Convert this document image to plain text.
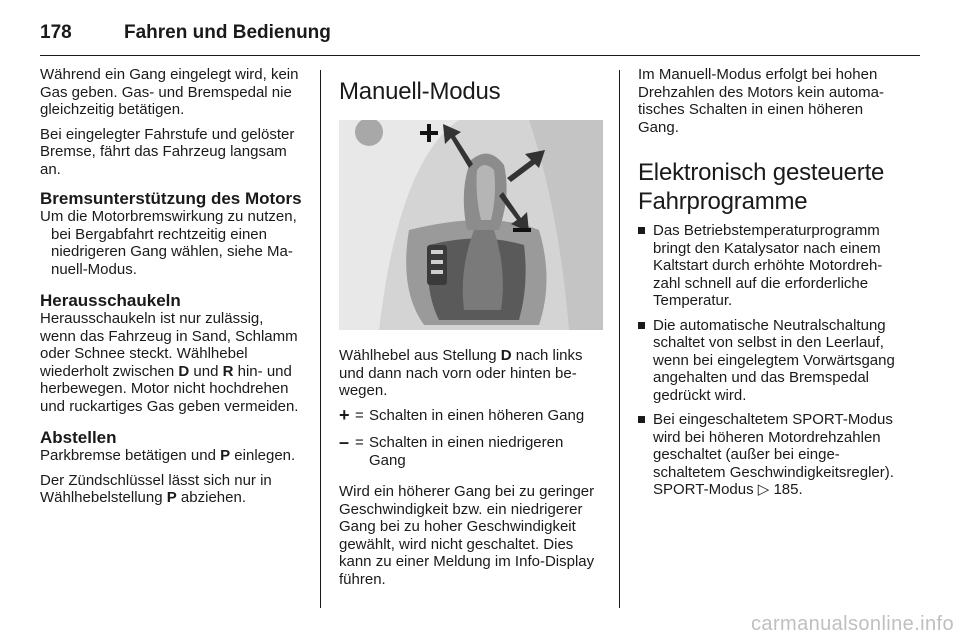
178	Fahren und Bedienung

Während ein Gang eingelegt wird, kein Gas geben. Gas- und Bremspedal nie gleichzeitig betätigen.

Bei eingelegter Fahrstufe und gelöster Bremse, fährt das Fahrzeug langsam an.

Bremsunterstützung des Motors

Um die Motorbremswirkung zu nutzen, bei Bergabfahrt rechtzeitig einen niedrigeren Gang wählen, siehe Manuell-Modus.

Herausschaukeln

Herausschaukeln ist nur zulässig, wenn das Fahrzeug in Sand, Schlamm oder Schnee steckt. Wählhebel wiederholt zwischen D und R hin- und herbewegen. Motor nicht hochdrehen und ruckartiges Gas geben vermeiden.

Abstellen

Parkbremse betätigen und P einlegen.

Der Zündschlüssel lässt sich nur in Wählhebelstellung P abziehen.

Manuell-Modus

Wählhebel aus Stellung D nach links und dann nach vorn oder hinten bewegen.

+ = Schalten in einen höheren Gang
– = Schalten in einen niedrigeren Gang

Wird ein höherer Gang bei zu geringer Geschwindigkeit bzw. ein niedrigerer Gang bei zu hoher Geschwindigkeit gewählt, wird nicht geschaltet. Dies kann zu einer Meldung im Info-Display führen.

Im Manuell-Modus erfolgt bei hohen Drehzahlen des Motors kein automatisches Schalten in einen höheren Gang.

Elektronisch gesteuerte Fahrprogramme
Das Betriebstemperaturprogramm bringt den Katalysator nach einem Kaltstart durch erhöhte Motordrehzahl schnell auf die erforderliche Temperatur.
Die automatische Neutralschaltung schaltet von selbst in den Leerlauf, wenn bei eingelegtem Vorwärtsgang angehalten und das Bremspedal gedrückt wird.
Bei eingeschaltetem SPORT-Modus wird bei höheren Motordrehzahlen geschaltet (außer bei eingeschaltetem Geschwindigkeitsregler). SPORT-Modus ▷ 185.
carmanualsonline.info
